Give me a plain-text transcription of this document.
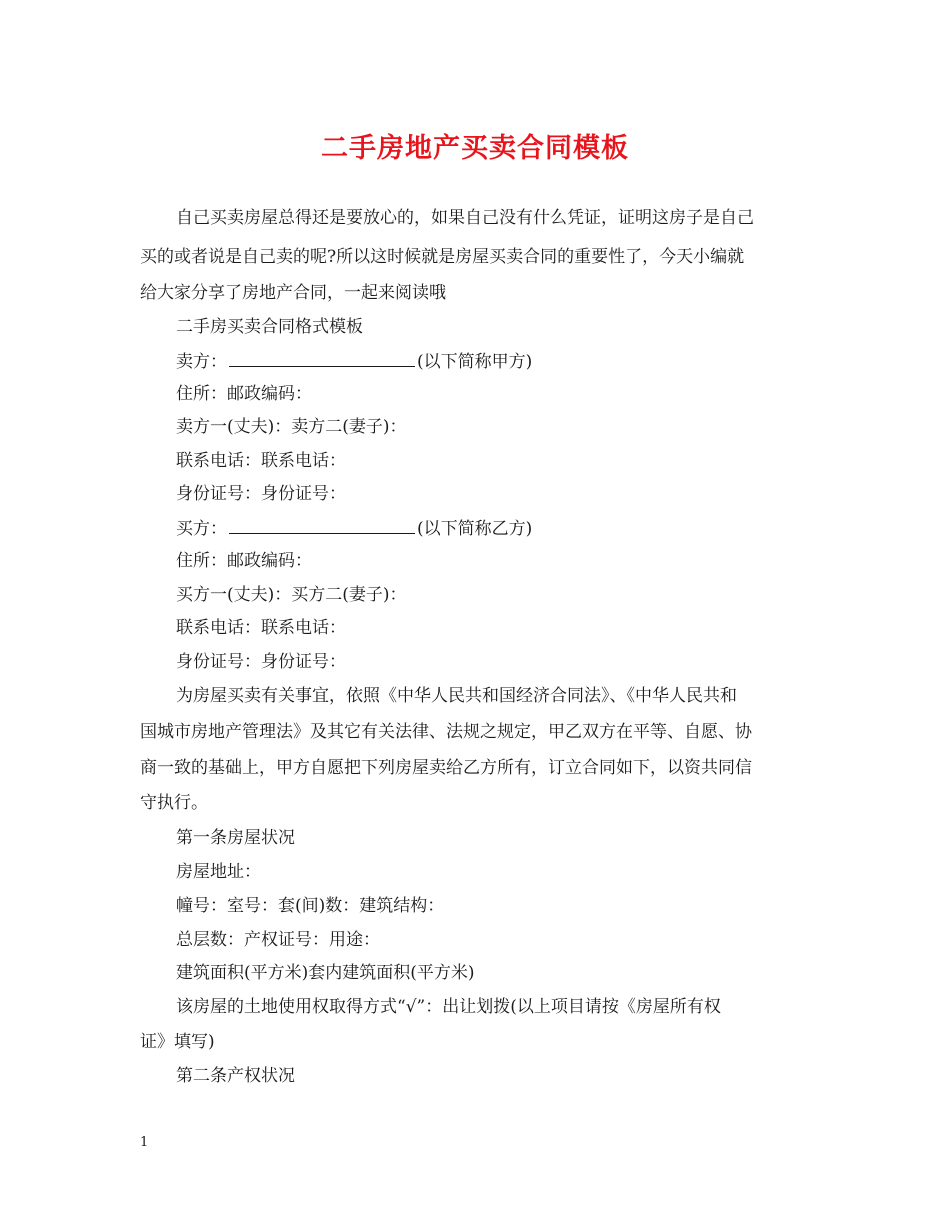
二手房地产买卖合同模板
自己买卖房屋总得还是要放心的，如果自己没有什么凭证，证明这房子是自己
买的或者说是自己卖的呢?所以这时候就是房屋买卖合同的重要性了，今天小编就
给大家分享了房地产合同，一起来阅读哦
二手房买卖合同格式模板
卖方：	(以下简称甲方)
住所：邮政编码：
卖方一(丈夫)：卖方二(妻子)：
联系电话：联系电话：
身份证号：身份证号：
买方：	(以下简称乙方)
住所：邮政编码：
买方一(丈夫)：买方二(妻子)：
联系电话：联系电话：
身份证号：身份证号：
为房屋买卖有关事宜，依照《中华人民共和国经济合同法》、《中华人民共和
国城市房地产管理法》及其它有关法律、法规之规定，甲乙双方在平等、自愿、协
商一致的基础上，甲方自愿把下列房屋卖给乙方所有，订立合同如下，以资共同信
守执行。
第一条房屋状况
房屋地址：
幢号：室号：套(间)数：建筑结构：
总层数：产权证号：用途：
建筑面积(平方米)套内建筑面积(平方米)
该房屋的土地使用权取得方式“√”：出让划拨(以上项目请按《房屋所有权
证》填写)
第二条产权状况
1
